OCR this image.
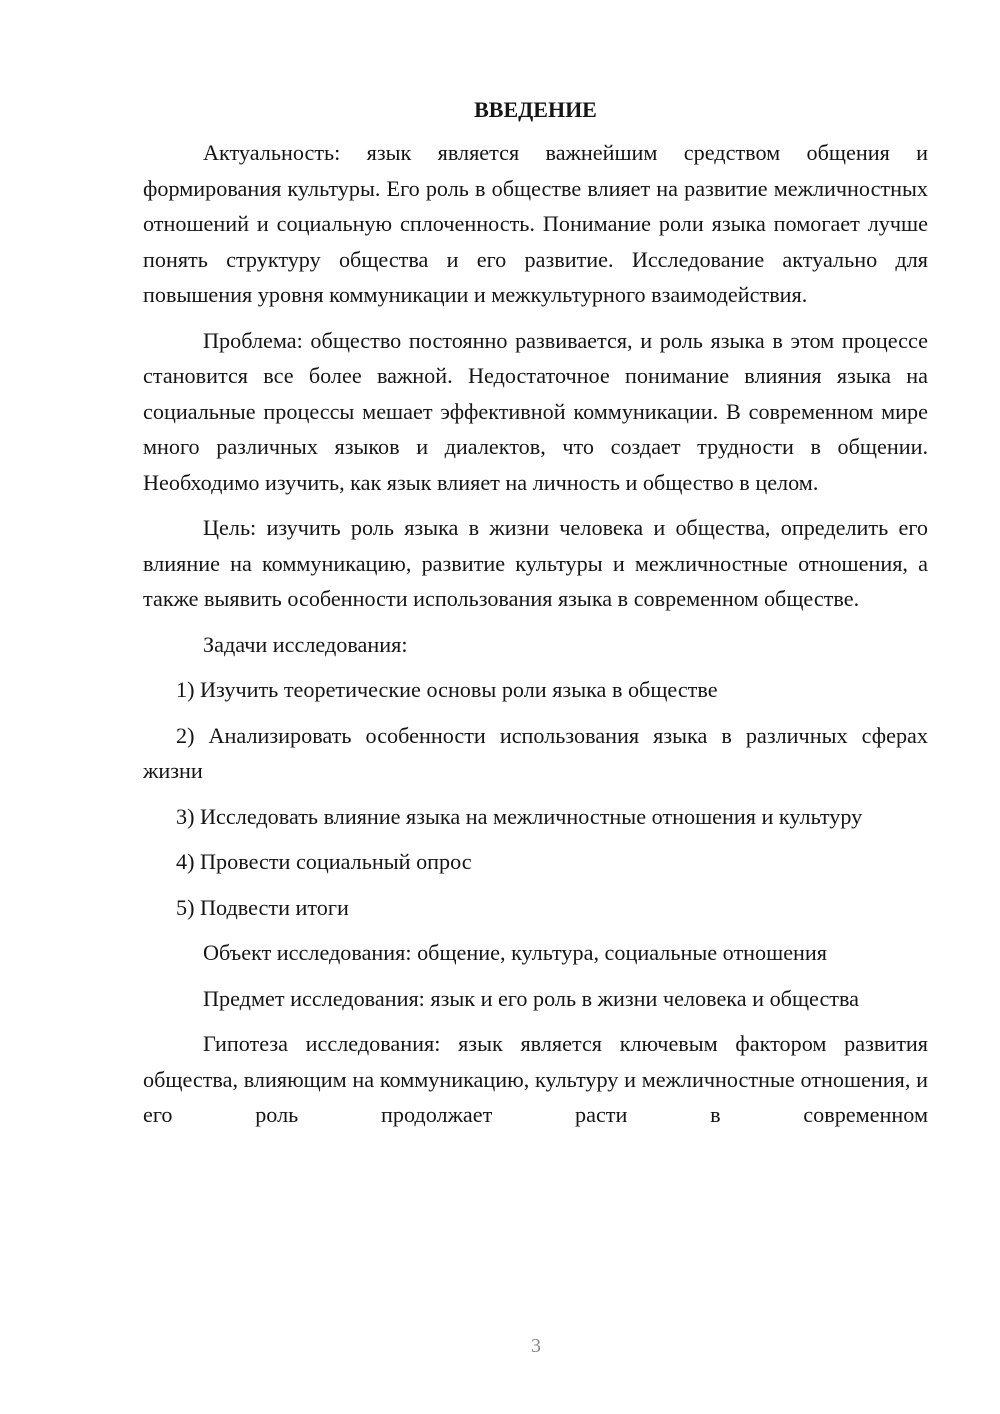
ВВЕДЕНИЕ

Актуальность: язык является важнейшим средством общения и формирования культуры. Его роль в обществе влияет на развитие межличностных отношений и социальную сплоченность. Понимание роли языка помогает лучше понять структуру общества и его развитие. Исследование актуально для повышения уровня коммуникации и межкультурного взаимодействия.

Проблема: общество постоянно развивается, и роль языка в этом процессе становится все более важной. Недостаточное понимание влияния языка на социальные процессы мешает эффективной коммуникации. В современном мире много различных языков и диалектов, что создает трудности в общении. Необходимо изучить, как язык влияет на личность и общество в целом.

Цель: изучить роль языка в жизни человека и общества, определить его влияние на коммуникацию, развитие культуры и межличностные отношения, а также выявить особенности использования языка в современном обществе.

Задачи исследования:

1) Изучить теоретические основы роли языка в обществе

2) Анализировать особенности использования языка в различных сферах жизни

3) Исследовать влияние языка на межличностные отношения и культуру

4) Провести социальный опрос

5) Подвести итоги

Объект исследования: общение, культура, социальные отношения

Предмет исследования: язык и его роль в жизни человека и общества

Гипотеза исследования: язык является ключевым фактором развития общества, влияющим на коммуникацию, культуру и межличностные отношения, и его роль продолжает расти в современном

3
